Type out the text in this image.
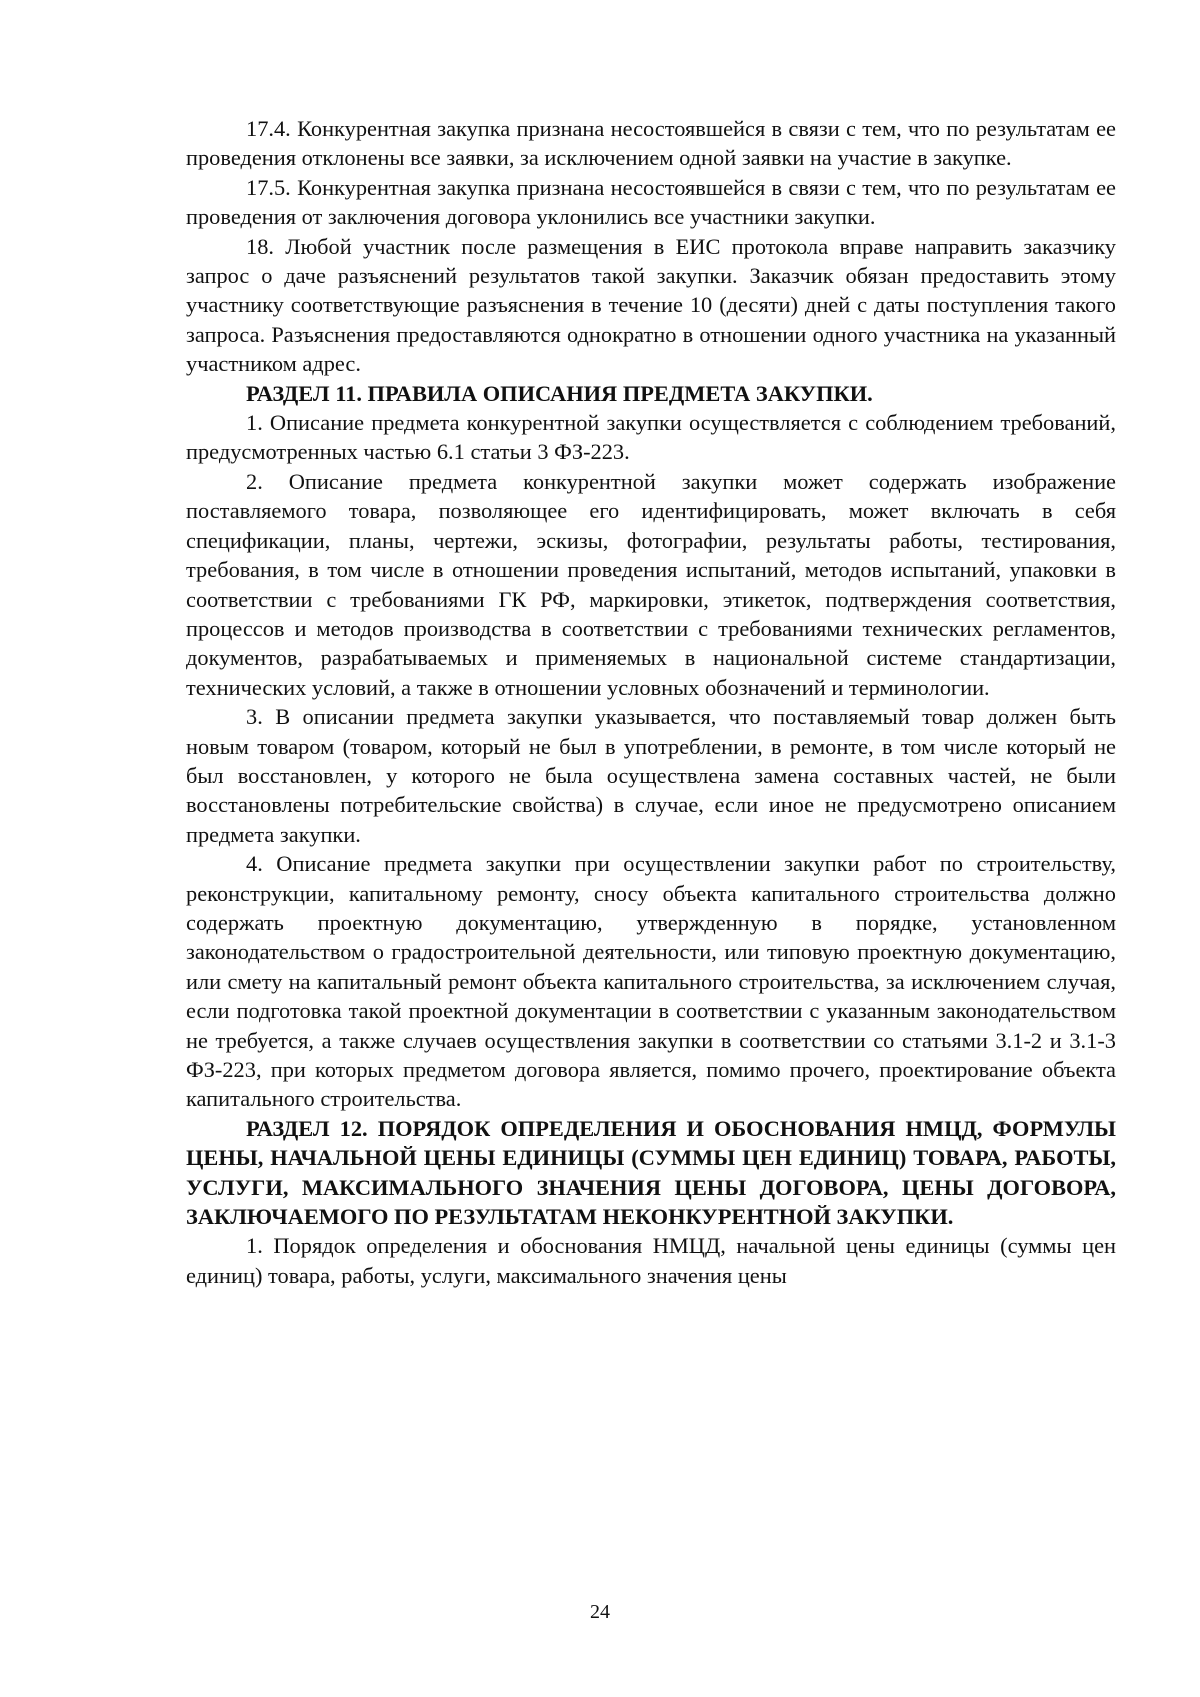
17.4. Конкурентная закупка признана несостоявшейся в связи с тем, что по результатам ее проведения отклонены все заявки, за исключением одной заявки на участие в закупке.

17.5. Конкурентная закупка признана несостоявшейся в связи с тем, что по результатам ее проведения от заключения договора уклонились все участники закупки.

18. Любой участник после размещения в ЕИС протокола вправе направить заказчику запрос о даче разъяснений результатов такой закупки. Заказчик обязан предоставить этому участнику соответствующие разъяснения в течение 10 (десяти) дней с даты поступления такого запроса. Разъяснения предоставляются однократно в отношении одного участника на указанный участником адрес.

РАЗДЕЛ 11. ПРАВИЛА ОПИСАНИЯ ПРЕДМЕТА ЗАКУПКИ.

1. Описание предмета конкурентной закупки осуществляется с соблюдением требований, предусмотренных частью 6.1 статьи 3 ФЗ-223.

2. Описание предмета конкурентной закупки может содержать изображение поставляемого товара, позволяющее его идентифицировать, может включать в себя спецификации, планы, чертежи, эскизы, фотографии, результаты работы, тестирования, требования, в том числе в отношении проведения испытаний, методов испытаний, упаковки в соответствии с требованиями ГК РФ, маркировки, этикеток, подтверждения соответствия, процессов и методов производства в соответствии с требованиями технических регламентов, документов, разрабатываемых и применяемых в национальной системе стандартизации, технических условий, а также в отношении условных обозначений и терминологии.

3. В описании предмета закупки указывается, что поставляемый товар должен быть новым товаром (товаром, который не был в употреблении, в ремонте, в том числе который не был восстановлен, у которого не была осуществлена замена составных частей, не были восстановлены потребительские свойства) в случае, если иное не предусмотрено описанием предмета закупки.

4. Описание предмета закупки при осуществлении закупки работ по строительству, реконструкции, капитальному ремонту, сносу объекта капитального строительства должно содержать проектную документацию, утвержденную в порядке, установленном законодательством о градостроительной деятельности, или типовую проектную документацию, или смету на капитальный ремонт объекта капитального строительства, за исключением случая, если подготовка такой проектной документации в соответствии с указанным законодательством не требуется, а также случаев осуществления закупки в соответствии со статьями 3.1-2 и 3.1-3 ФЗ-223, при которых предметом договора является, помимо прочего, проектирование объекта капитального строительства.

РАЗДЕЛ 12. ПОРЯДОК ОПРЕДЕЛЕНИЯ И ОБОСНОВАНИЯ НМЦД, ФОРМУЛЫ ЦЕНЫ, НАЧАЛЬНОЙ ЦЕНЫ ЕДИНИЦЫ (СУММЫ ЦЕН ЕДИНИЦ) ТОВАРА, РАБОТЫ, УСЛУГИ, МАКСИМАЛЬНОГО ЗНАЧЕНИЯ ЦЕНЫ ДОГОВОРА, ЦЕНЫ ДОГОВОРА, ЗАКЛЮЧАЕМОГО ПО РЕЗУЛЬТАТАМ НЕКОНКУРЕНТНОЙ ЗАКУПКИ.

1. Порядок определения и обоснования НМЦД, начальной цены единицы (суммы цен единиц) товара, работы, услуги, максимального значения цены

24
